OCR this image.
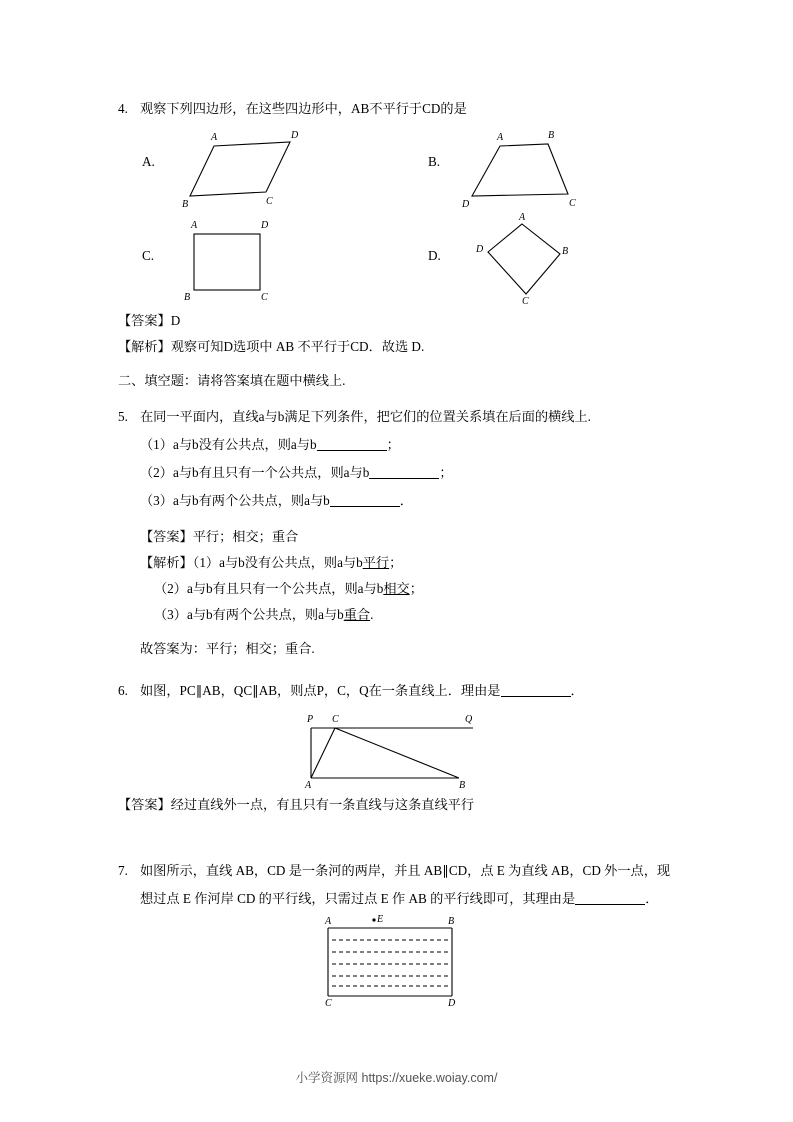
4. 观察下列四边形，在这些四边形中，AB不平行于CD的是
A.
A	D
B	C
B.
A	B
D	C
C.
A	D
B	C
D.
A
B
D
C
【答案】D
【解析】观察可知D选项中 AB 不平行于CD．故选 D.
二、填空题：请将答案填在题中横线上.
5. 在同一平面内，直线a与b满足下列条件，把它们的位置关系填在后面的横线上.
（1）a与b没有公共点，则a与b	；
（2）a与b有且只有一个公共点，则a与b	；
（3）a与b有两个公共点，则a与b	．
【答案】平行；相交；重合
【解析】（1）a与b没有公共点，则a与b平行；
（2）a与b有且只有一个公共点，则a与b相交；
（3）a与b有两个公共点，则a与b重合.
故答案为：平行；相交；重合.
6. 如图，PC∥AB，QC∥AB，则点P，C，Q在一条直线上．理由是	．
P C	Q
A	B
【答案】经过直线外一点，有且只有一条直线与这条直线平行
7. 如图所示，直线 AB，CD 是一条河的两岸，并且 AB∥CD，点 E 为直线 AB，CD 外一点，现
想过点 E 作河岸 CD 的平行线，只需过点 E 作 AB 的平行线即可，其理由是	．
E
A	B
C	D
小学资源网 https://xueke.woiay.com/
